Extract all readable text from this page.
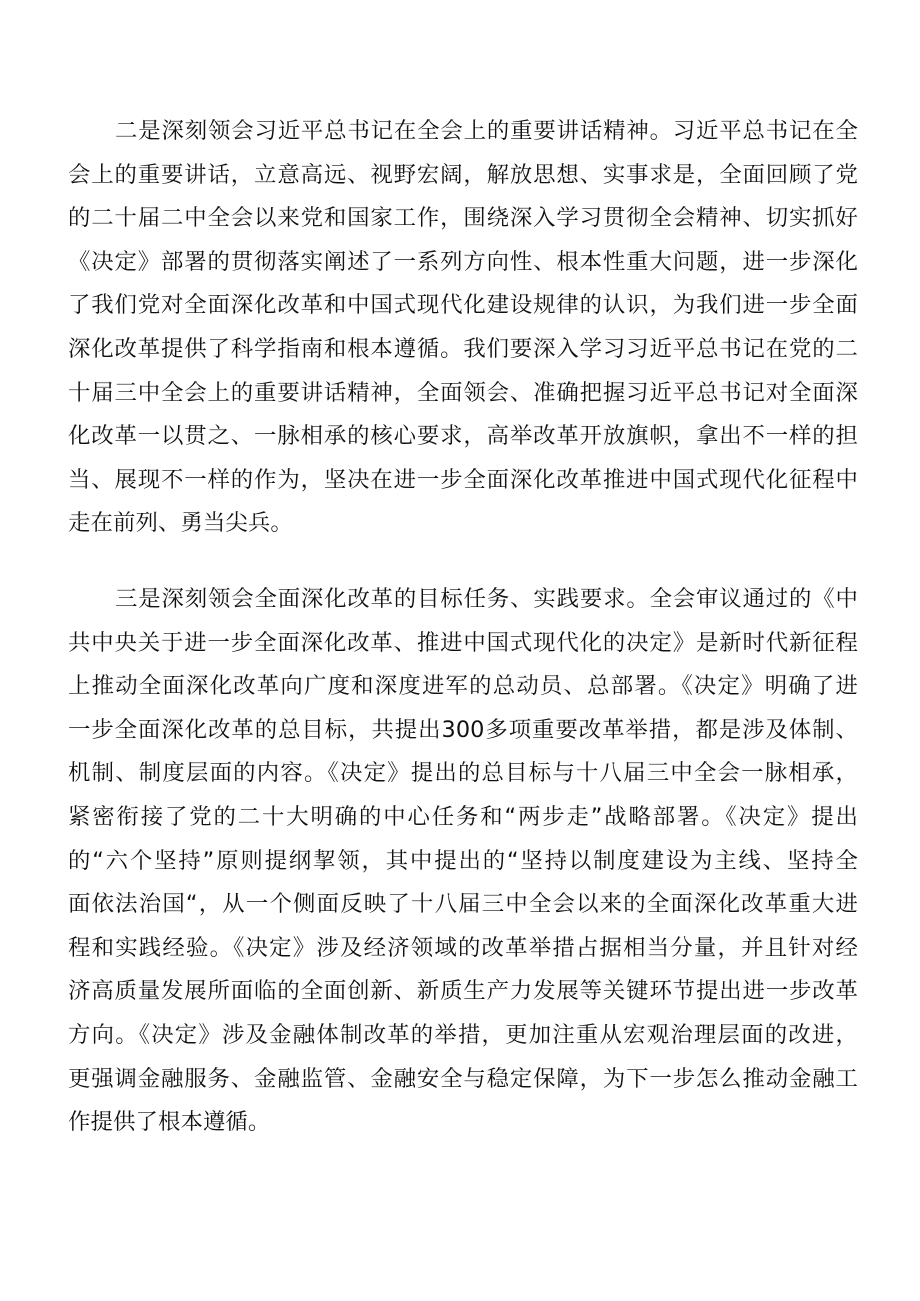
二是深刻领会习近平总书记在全会上的重要讲话精神。习近平总书记在全
会上的重要讲话，立意高远、视野宏阔，解放思想、实事求是，全面回顾了党
的二十届二中全会以来党和国家工作，围绕深入学习贯彻全会精神、切实抓好
《决定》部署的贯彻落实阐述了一系列方向性、根本性重大问题，进一步深化
了我们党对全面深化改革和中国式现代化建设规律的认识，为我们进一步全面
深化改革提供了科学指南和根本遵循。我们要深入学习习近平总书记在党的二
十届三中全会上的重要讲话精神，全面领会、准确把握习近平总书记对全面深
化改革一以贯之、一脉相承的核心要求，高举改革开放旗帜，拿出不一样的担
当、展现不一样的作为，坚决在进一步全面深化改革推进中国式现代化征程中
走在前列、勇当尖兵。
三是深刻领会全面深化改革的目标任务、实践要求。全会审议通过的《中
共中央关于进一步全面深化改革、推进中国式现代化的决定》是新时代新征程
上推动全面深化改革向广度和深度进军的总动员、总部署。《决定》明确了进
一步全面深化改革的总目标，共提出300多项重要改革举措，都是涉及体制、
机制、制度层面的内容。《决定》提出的总目标与十八届三中全会一脉相承，
紧密衔接了党的二十大明确的中心任务和“两步走”战略部署。《决定》提出
的“六个坚持”原则提纲挈领，其中提出的“坚持以制度建设为主线、坚持全
面依法治国“，从一个侧面反映了十八届三中全会以来的全面深化改革重大进
程和实践经验。《决定》涉及经济领域的改革举措占据相当分量，并且针对经
济高质量发展所面临的全面创新、新质生产力发展等关键环节提出进一步改革
方向。《决定》涉及金融体制改革的举措，更加注重从宏观治理层面的改进，
更强调金融服务、金融监管、金融安全与稳定保障，为下一步怎么推动金融工
作提供了根本遵循。
